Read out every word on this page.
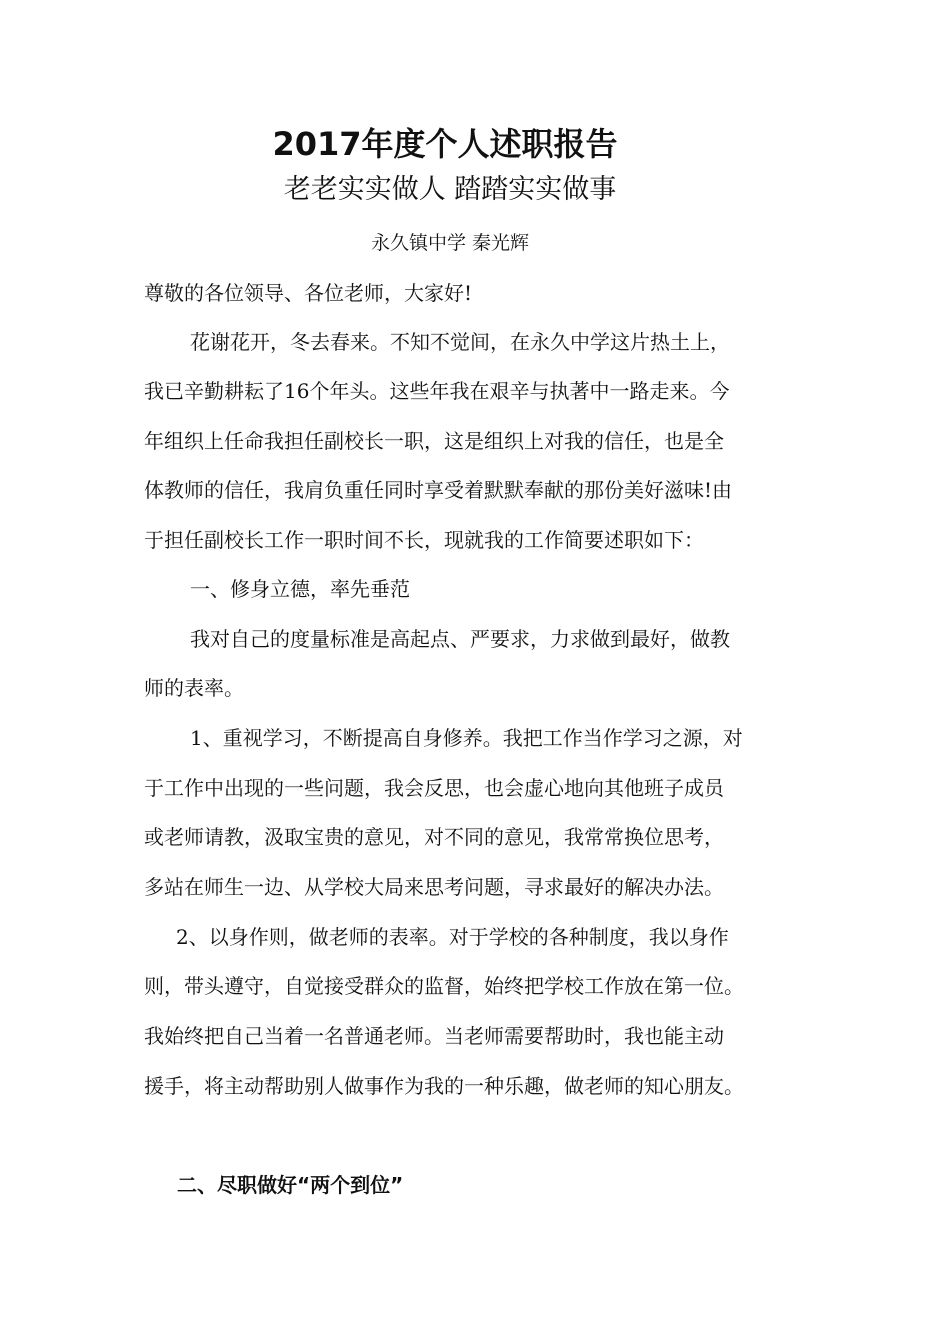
2017年度个人述职报告
老老实实做人 踏踏实实做事
永久镇中学 秦光辉
尊敬的各位领导、各位老师，大家好!
花谢花开，冬去春来。不知不觉间，在永久中学这片热土上，
我已辛勤耕耘了16个年头。这些年我在艰辛与执著中一路走来。今
年组织上任命我担任副校长一职，这是组织上对我的信任，也是全
体教师的信任，我肩负重任同时享受着默默奉献的那份美好滋味!由
于担任副校长工作一职时间不长，现就我的工作简要述职如下：
一、修身立德，率先垂范
我对自己的度量标准是高起点、严要求，力求做到最好，做教
师的表率。
1、重视学习，不断提高自身修养。我把工作当作学习之源，对
于工作中出现的一些问题，我会反思，也会虚心地向其他班子成员
或老师请教，汲取宝贵的意见，对不同的意见，我常常换位思考，
多站在师生一边、从学校大局来思考问题，寻求最好的解决办法。
2、以身作则，做老师的表率。对于学校的各种制度，我以身作
则，带头遵守，自觉接受群众的监督，始终把学校工作放在第一位。
我始终把自己当着一名普通老师。当老师需要帮助时，我也能主动
援手，将主动帮助别人做事作为我的一种乐趣，做老师的知心朋友。
二、尽职做好“两个到位”
